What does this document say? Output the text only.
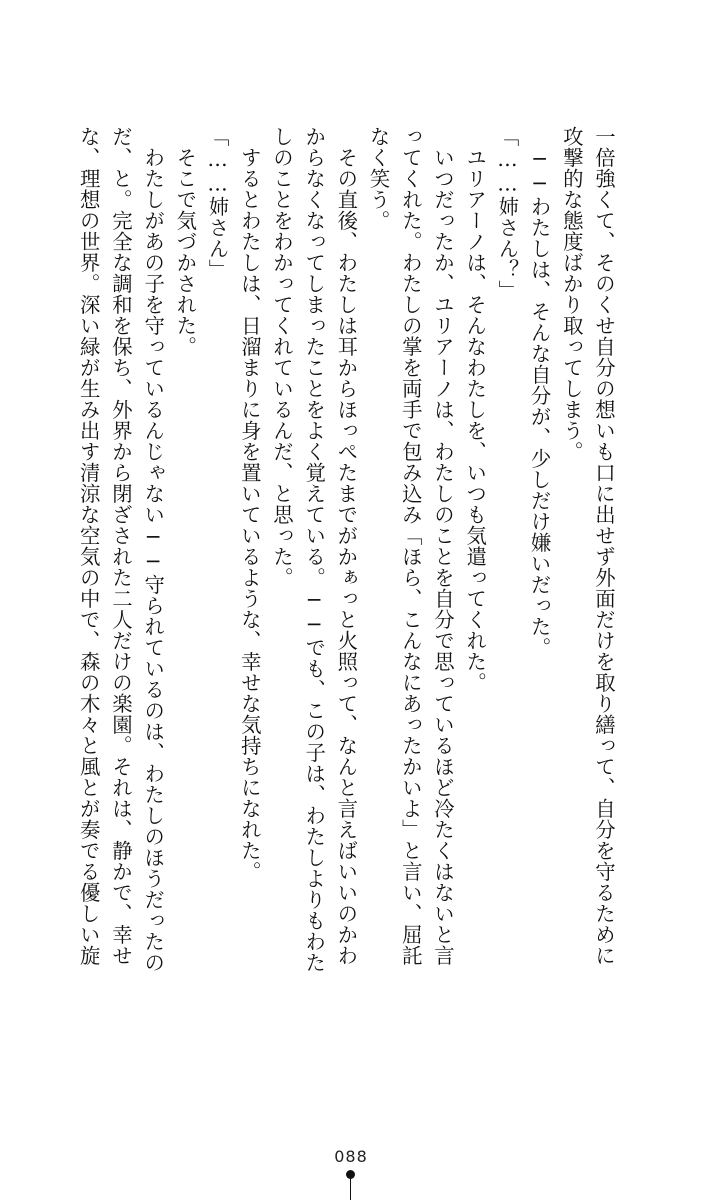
一倍強くて、そのくせ自分の想いも口に出せず外面だけを取り繕って、自分を守るために
攻撃的な態度ばかり取ってしまう。
　──わたしは、そんな自分が、少しだけ嫌いだった。
「……姉さん？」
　ユリアーノは、そんなわたしを、いつも気遣ってくれた。
　いつだったか、ユリアーノは、わたしのことを自分で思っているほど冷たくはないと言
ってくれた。わたしの掌を両手で包み込み「ほら、こんなにあったかいよ」と言い、屈託
なく笑う。
　その直後、わたしは耳からほっぺたまでがかぁっと火照って、なんと言えばいいのかわ
からなくなってしまったことをよく覚えている。──でも、この子は、わたしよりもわた
しのことをわかってくれているんだ、と思った。
　するとわたしは、日溜まりに身を置いているような、幸せな気持ちになれた。
「……姉さん」
　そこで気づかされた。
　わたしがあの子を守っているんじゃない──守られているのは、わたしのほうだったの
だ、と。完全な調和を保ち、外界から閉ざされた二人だけの楽園。それは、静かで、幸せ
な、理想の世界。深い緑が生み出す清涼な空気の中で、森の木々と風とが奏でる優しい旋
088
